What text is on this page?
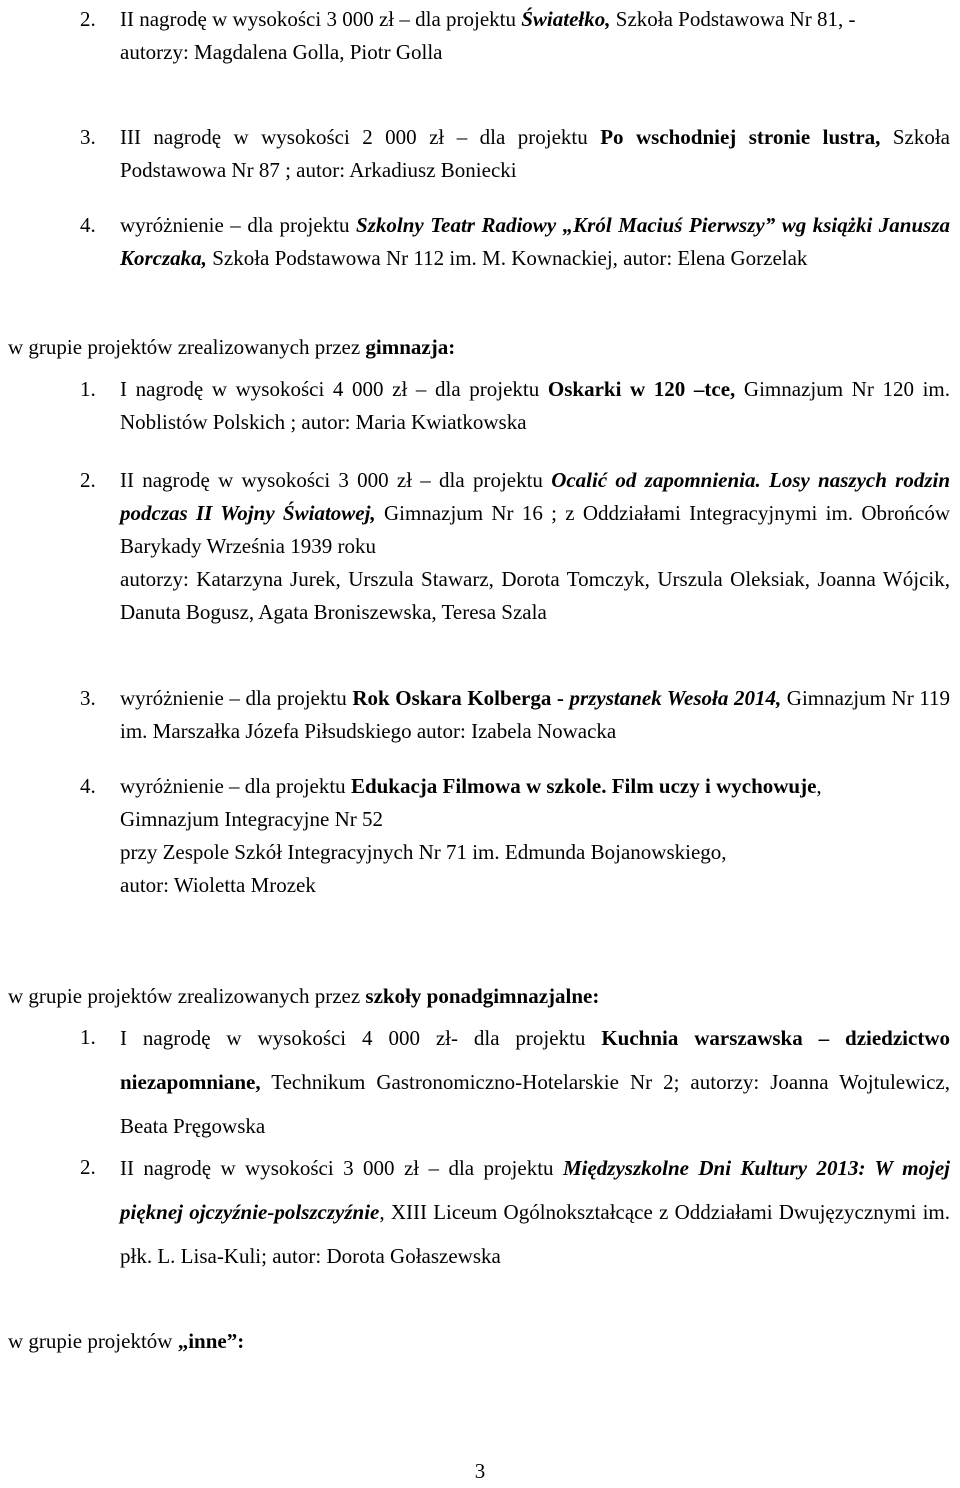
2. II nagrodę w wysokości 3 000 zł – dla projektu Światełko, Szkoła Podstawowa Nr 81, -
autorzy: Magdalena Golla, Piotr Golla
3. III nagrodę w wysokości 2 000 zł – dla projektu Po wschodniej stronie lustra, Szkoła Podstawowa Nr 87 ; autor: Arkadiusz Boniecki
4. wyróżnienie – dla projektu Szkolny Teatr Radiowy „Król Maciuś Pierwszy” wg książki Janusza Korczaka, Szkoła Podstawowa Nr 112 im. M. Kownackiej, autor: Elena Gorzelak
w grupie projektów zrealizowanych przez gimnazja:
1. I nagrodę w wysokości 4 000 zł – dla projektu Oskarki w 120 –tce, Gimnazjum Nr 120 im. Noblistów Polskich ; autor: Maria Kwiatkowska
2. II nagrodę w wysokości 3 000 zł – dla projektu Ocalić od zapomnienia. Losy naszych rodzin podczas II Wojny Światowej, Gimnazjum Nr 16 ; z Oddziałami Integracyjnymi im. Obrońców Barykady Września 1939 roku
autorzy: Katarzyna Jurek, Urszula Stawarz, Dorota Tomczyk, Urszula Oleksiak, Joanna Wójcik, Danuta Bogusz, Agata Broniszewska, Teresa Szala
3. wyróżnienie – dla projektu Rok Oskara Kolberga - przystanek Wesoła 2014, Gimnazjum Nr 119 im. Marszałka Józefa Piłsudskiego autor: Izabela Nowacka
4. wyróżnienie – dla projektu Edukacja Filmowa w szkole. Film uczy i wychowuje,
Gimnazjum Integracyjne Nr 52
przy Zespole Szkół Integracyjnych Nr 71 im. Edmunda Bojanowskiego,
autor: Wioletta Mrozek
w grupie projektów zrealizowanych przez szkoły ponadgimnazjalne:
1. I nagrodę w wysokości 4 000 zł- dla projektu Kuchnia warszawska – dziedzictwo niezapomniane, Technikum Gastronomiczno-Hotelarskie Nr 2; autorzy: Joanna Wojtulewicz, Beata Pręgowska
2. II nagrodę w wysokości 3 000 zł – dla projektu Międzyszkolne Dni Kultury 2013: W mojej pięknej ojczyźnie-polszczyźnie, XIII Liceum Ogólnokształcące z Oddziałami Dwujęzycznymi im. płk. L. Lisa-Kuli; autor: Dorota Gołaszewska
w grupie projektów „inne”:
3
